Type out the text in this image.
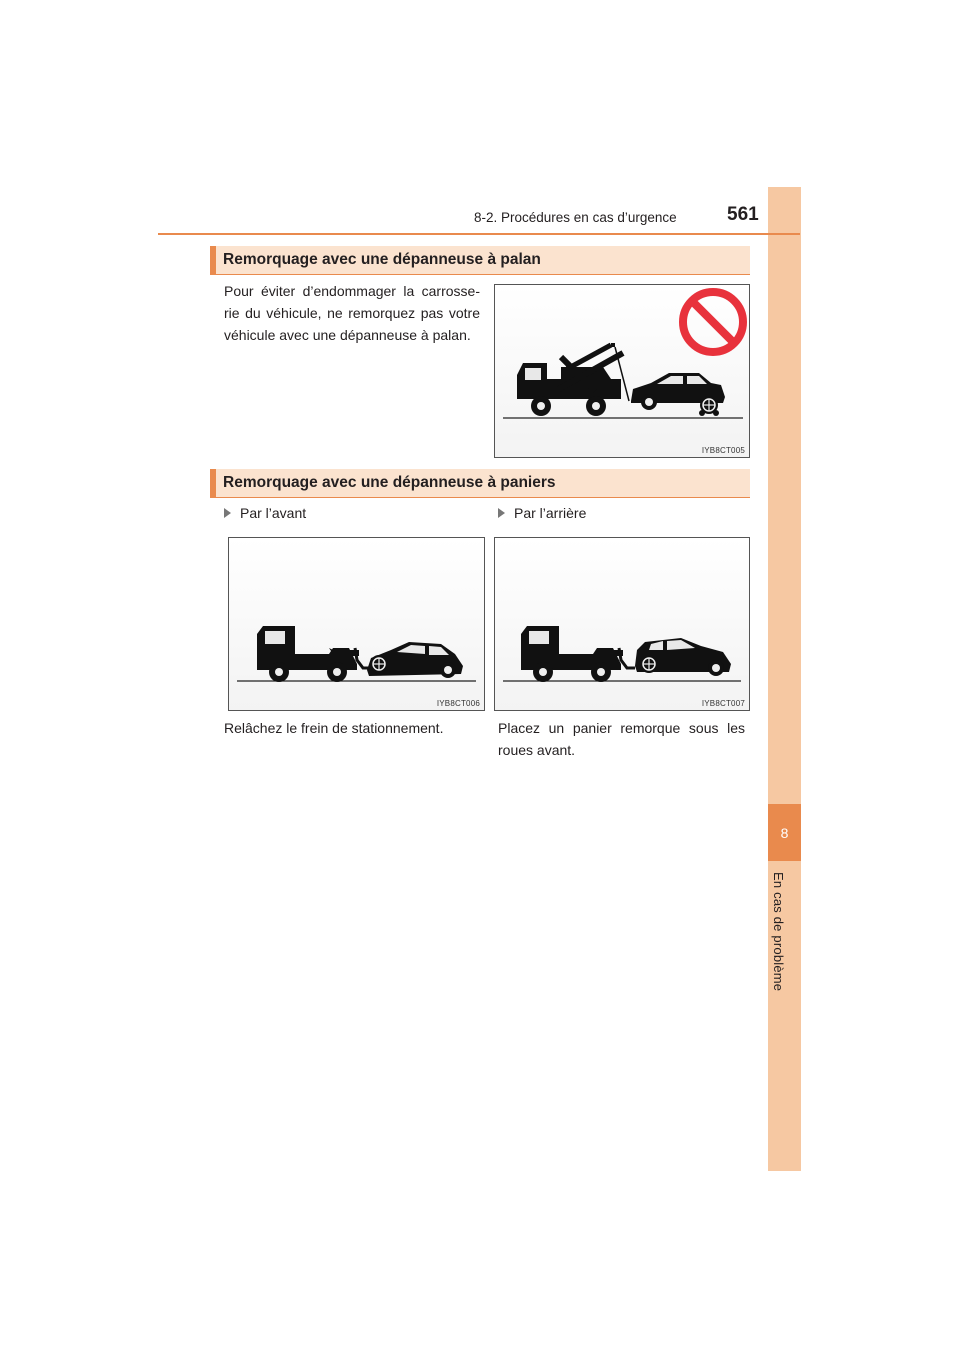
8
En cas de problème
8-2. Procédures en cas d’urgence	561
Remorquage avec une dépanneuse à palan
Pour éviter d’endommager la carrosse-rie du véhicule, ne remorquez pas votre véhicule avec une dépanneuse à palan.
IYB8CT005
Remorquage avec une dépanneuse à paniers
Par l’avant	Par l’arrière
IYB8CT006	IYB8CT007
Relâchez le frein de stationnement.	Placez un panier remorque sous les roues avant.
